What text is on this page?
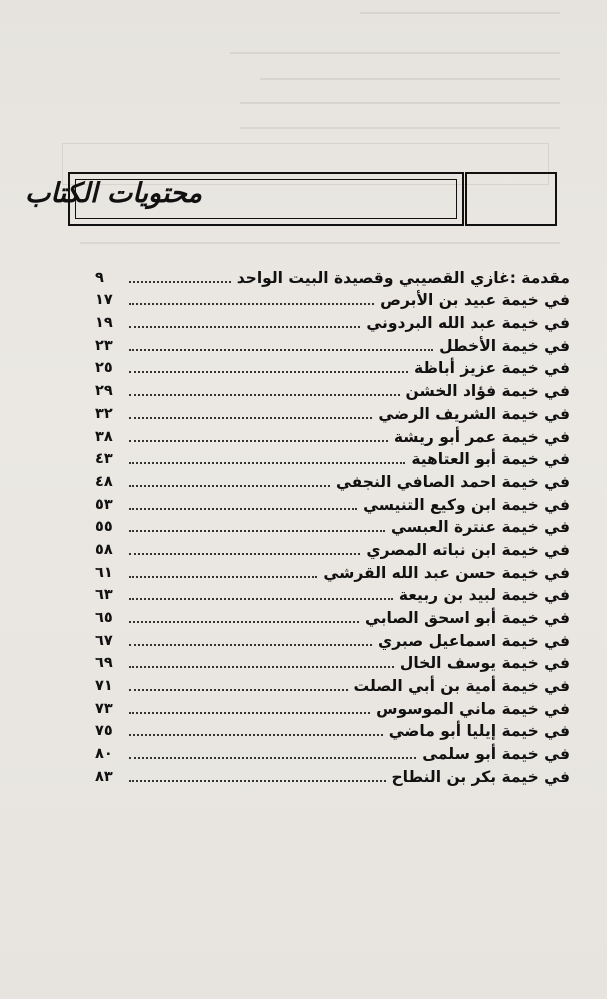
محتويات الكتاب
مقدمة :غازي القصيبي وقصيدة البيت الواحد
٩
في خيمة عبيد بن الأبرص
١٧
في خيمة عبد الله البردوني
١٩
في خيمة الأخطل
٢٣
في خيمة عزيز أباظة
٢٥
في خيمة فؤاد الخشن
٢٩
في خيمة الشريف الرضي
٣٢
في خيمة عمر أبو ريشة
٣٨
في خيمة أبو العتاهية
٤٣
في خيمة احمد الصافي النجفي
٤٨
في خيمة ابن وكيع التنيسي
٥٣
في خيمة عنترة العبسي
٥٥
في خيمة ابن نباته المصري
٥٨
في خيمة حسن عبد الله القرشي
٦١
في خيمة لبيد بن ربيعة
٦٣
في خيمة أبو اسحق الصابي
٦٥
في خيمة اسماعيل صبري
٦٧
في خيمة يوسف الخال
٦٩
في خيمة أمية بن أبي الصلت
٧١
في خيمة ماني الموسوس
٧٣
في خيمة إيليا أبو ماضي
٧٥
في خيمة أبو سلمى
٨٠
في خيمة بكر بن النطاح
٨٣
